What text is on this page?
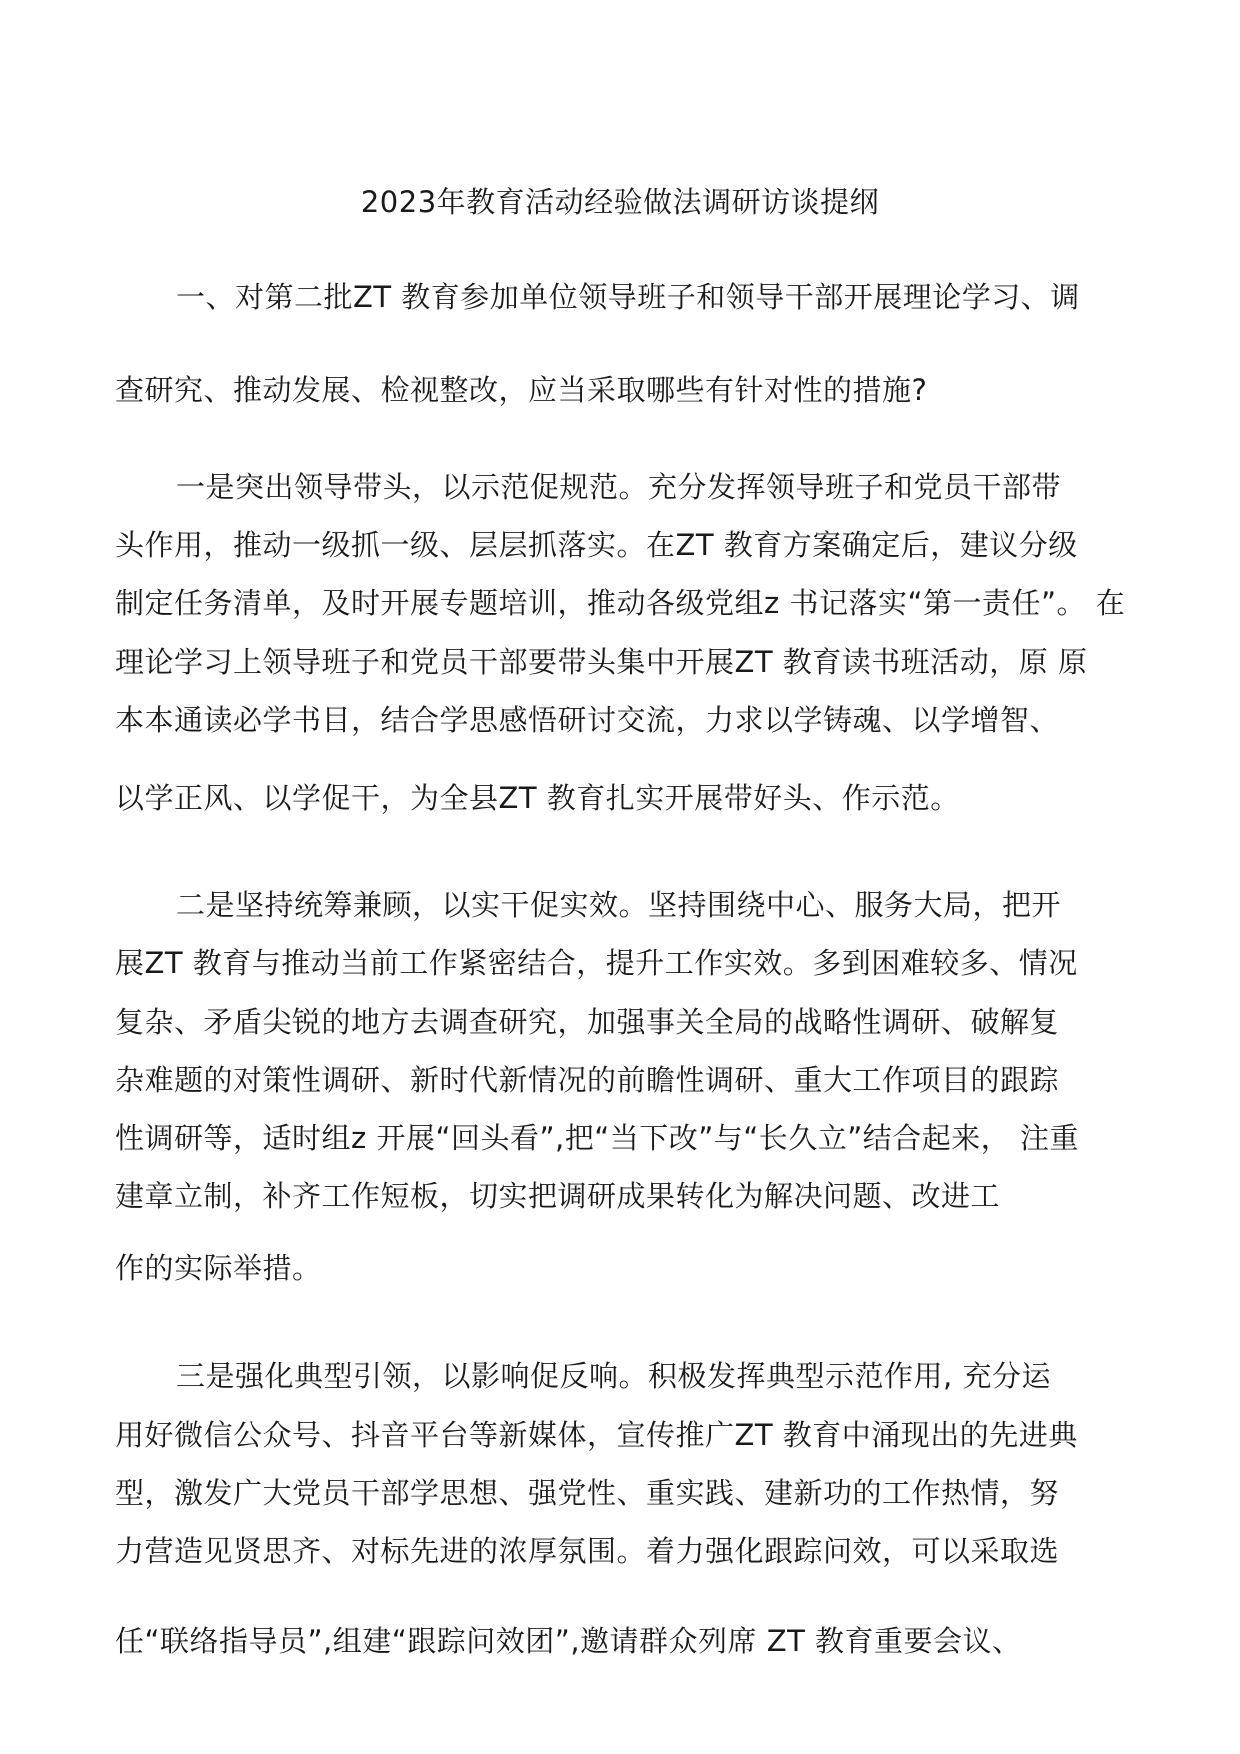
2023年教育活动经验做法调研访谈提纲
一、对第二批ZT 教育参加单位领导班子和领导干部开展理论学习、调
查研究、推动发展、检视整改，应当采取哪些有针对性的措施?
一是突出领导带头，以示范促规范。充分发挥领导班子和党员干部带
头作用，推动一级抓一级、层层抓落实。在ZT 教育方案确定后，建议分级
制定任务清单，及时开展专题培训，推动各级党组z 书记落实“第一责任”。 在
理论学习上领导班子和党员干部要带头集中开展ZT 教育读书班活动，原 原
本本通读必学书目，结合学思感悟研讨交流，力求以学铸魂、以学增智、
以学正风、以学促干，为全县ZT 教育扎实开展带好头、作示范。
二是坚持统筹兼顾，以实干促实效。坚持围绕中心、服务大局，把开
展ZT 教育与推动当前工作紧密结合，提升工作实效。多到困难较多、情况
复杂、矛盾尖锐的地方去调查研究，加强事关全局的战略性调研、破解复
杂难题的对策性调研、新时代新情况的前瞻性调研、重大工作项目的跟踪
性调研等，适时组z 开展“回头看”,把“当下改”与“长久立”结合起来， 注重
建章立制，补齐工作短板，切实把调研成果转化为解决问题、改进工
作的实际举措。
三是强化典型引领，以影响促反响。积极发挥典型示范作用, 充分运
用好微信公众号、抖音平台等新媒体，宣传推广ZT 教育中涌现出的先进典
型，激发广大党员干部学思想、强党性、重实践、建新功的工作热情，努
力营造见贤思齐、对标先进的浓厚氛围。着力强化跟踪问效，可以采取选
任“联络指导员”,组建“跟踪问效团”,邀请群众列席 ZT 教育重要会议、
